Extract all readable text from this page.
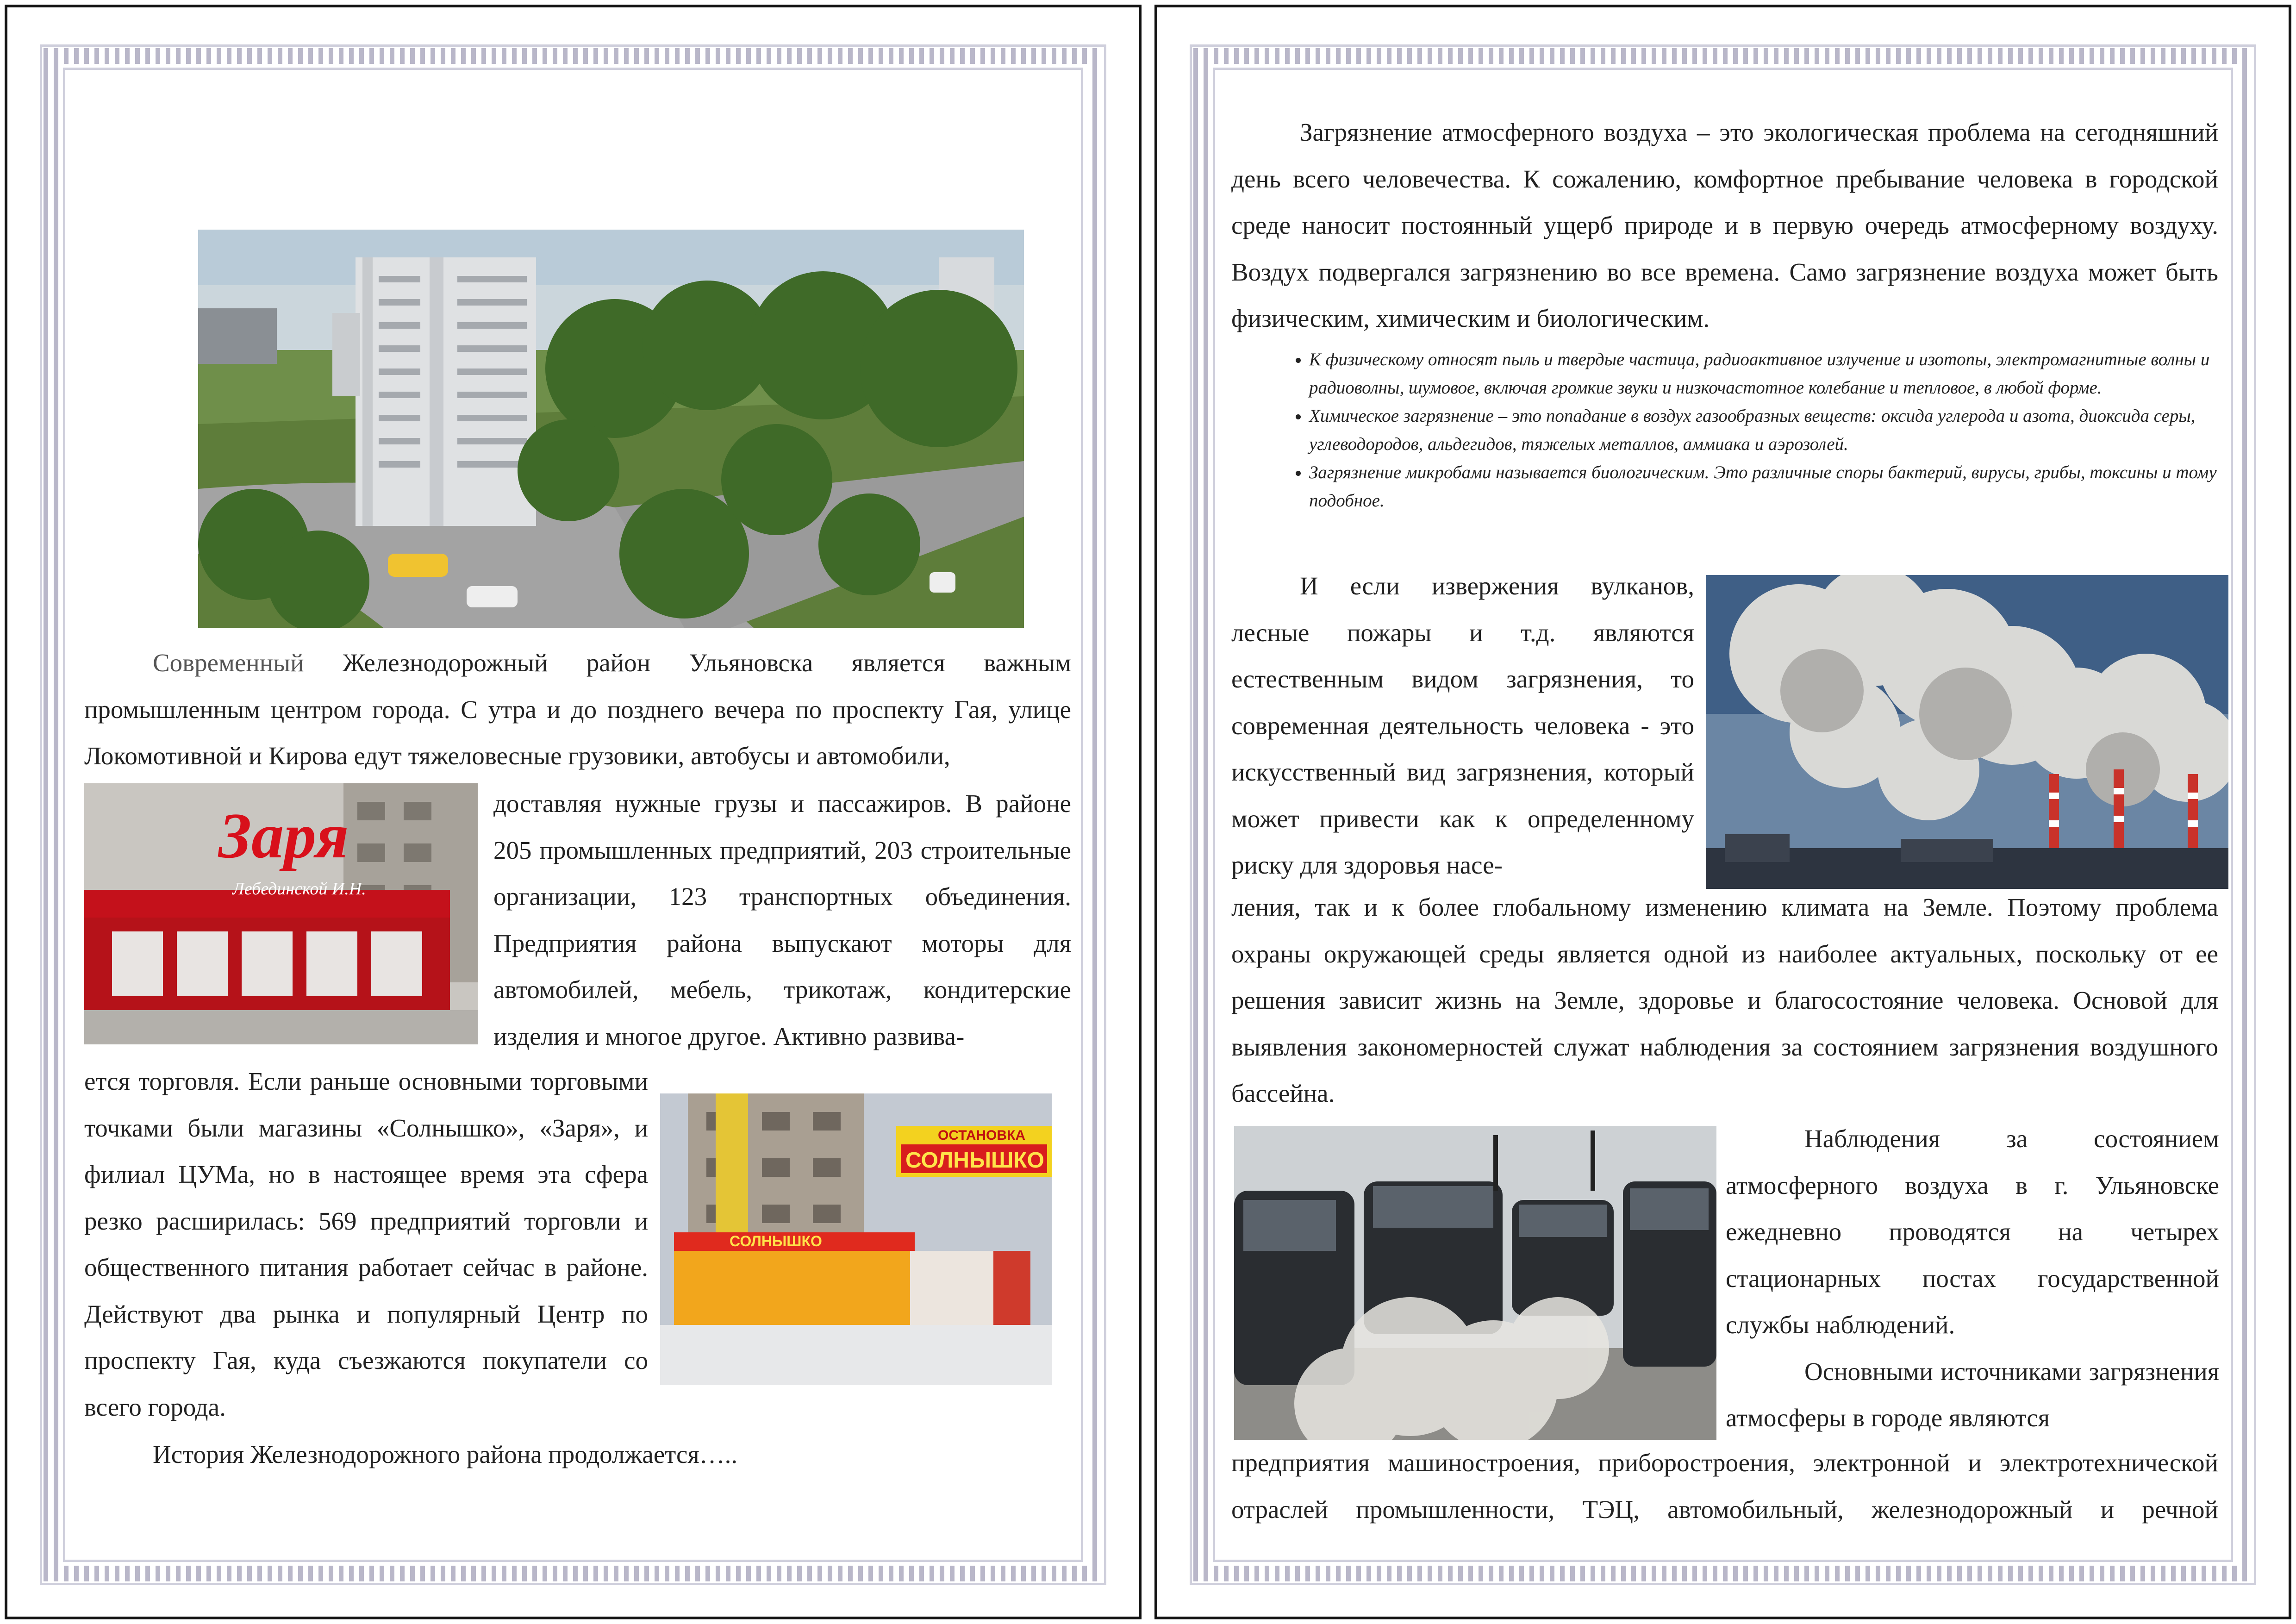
Современный Железнодорожный район Ульяновска является важным промышленным центром города. С утра и до позднего вечера по проспекту Гая, улице Локомотивной и Кирова едут тяжеловесные грузовики, автобусы и автомобили,
Заря
Лебединской И.Н.
доставляя нужные грузы и пассажиров. В районе 205 промышленных предприятий, 203 строительные организации, 123 транспортных объединения. Предприятия района выпускают моторы для автомобилей, мебель, трикотаж, кондитерские изделия и многое другое. Активно развива-
ется торговля. Если раньше основными торговыми точками были магазины «Солнышко», «Заря», и филиал ЦУМа, но в настоящее время эта сфера резко расширилась: 569 предприятий торговли и общественного питания работает сейчас в районе. Действуют два рынка и популярный Центр по проспекту Гая, куда съезжаются покупатели со всего города.
ОСТАНОВКА
СОЛНЫШКО
СОЛНЫШКО
История Железнодорожного района продолжается…..
Загрязнение атмосферного воздуха – это экологическая проблема на сегодняшний день всего человечества. К сожалению, комфортное пребывание человека в городской среде наносит постоянный ущерб природе и в первую очередь атмосферному воздуху. Воздух подвергался загрязнению во все времена. Само загрязнение воздуха может быть физическим, химическим и биологическим.
• К физическому относят пыль и твердые частица, радиоактивное излучение и изотопы, электромагнитные волны и радиоволны, шумовое, включая громкие звуки и низкочастотное колебание и тепловое, в любой форме.
• Химическое загрязнение – это попадание в воздух газообразных веществ: оксида углерода и азота, диоксида серы, углеводородов, альдегидов, тяжелых металлов, аммиака и аэрозолей.
• Загрязнение микробами называется биологическим. Это различные споры бактерий, вирусы, грибы, токсины и тому подобное.
И если извержения вулканов, лесные пожары и т.д. являются естественным видом загрязнения, то современная деятельность человека - это искусственный вид загрязнения, который может привести как к определенному риску для здоровья насе-
ления, так и к более глобальному изменению климата на Земле. Поэтому проблема охраны окружающей среды является одной из наиболее актуальных, поскольку от ее решения зависит жизнь на Земле, здоровье и благосостояние человека. Основой для выявления закономерностей служат наблюдения за состоянием загрязнения воздушного бассейна.
Наблюдения за состоянием атмосферного воздуха в г. Ульяновске ежедневно проводятся на четырех стационарных постах государственной службы наблюдений.
Основными источниками загрязнения атмосферы в городе являются
предприятия машиностроения, приборостроения, электронной и электротехнической отраслей промышленности, ТЭЦ, автомобильный, железнодорожный и речной
